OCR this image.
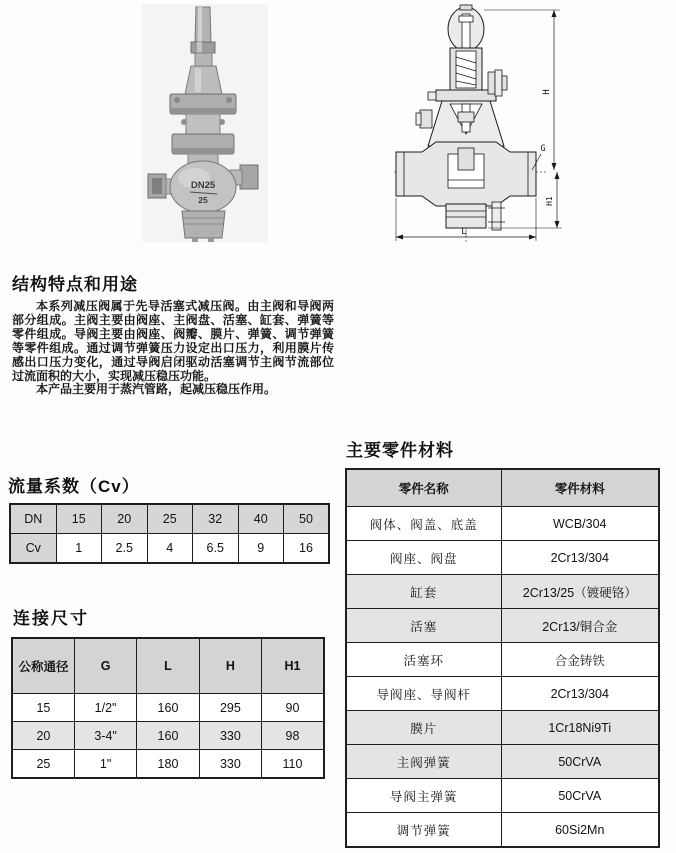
DN25
25
H
G
H1
L
结构特点和用途

本系列减压阀属于先导活塞式减压阀。由主阀和导阀两部分组成。主阀主要由阀座、主阀盘、活塞、缸套、弹簧等零件组成。导阀主要由阀座、阀瓣、膜片、弹簧、调节弹簧等零件组成。通过调节弹簧压力设定出口压力，利用膜片传感出口压力变化，通过导阀启闭驱动活塞调节主阀节流部位过流面积的大小，实现减压稳压功能。

本产品主要用于蒸汽管路，起减压稳压作用。

主要零件材料
零件名称	零件材料
阀体、阀盖、底盖	WCB/304
阀座、阀盘	2Cr13/304
缸套	2Cr13/25（镀硬铬）
活塞	2Cr13/铜合金
活塞环	合金铸铁
导阀座、导阀杆	2Cr13/304
膜片	1Cr18Ni9Ti
主阀弹簧	50CrVA
导阀主弹簧	50CrVA
调节弹簧	60Si2Mn
流量系数（Cv）
DN	15	20	25	32	40	50
Cv	1	2.5	4	6.5	9	16
连接尺寸
公称通径	G	L	H	H1
15	1/2"	160	295	90
20	3-4"	160	330	98
25	1"	180	330	110
